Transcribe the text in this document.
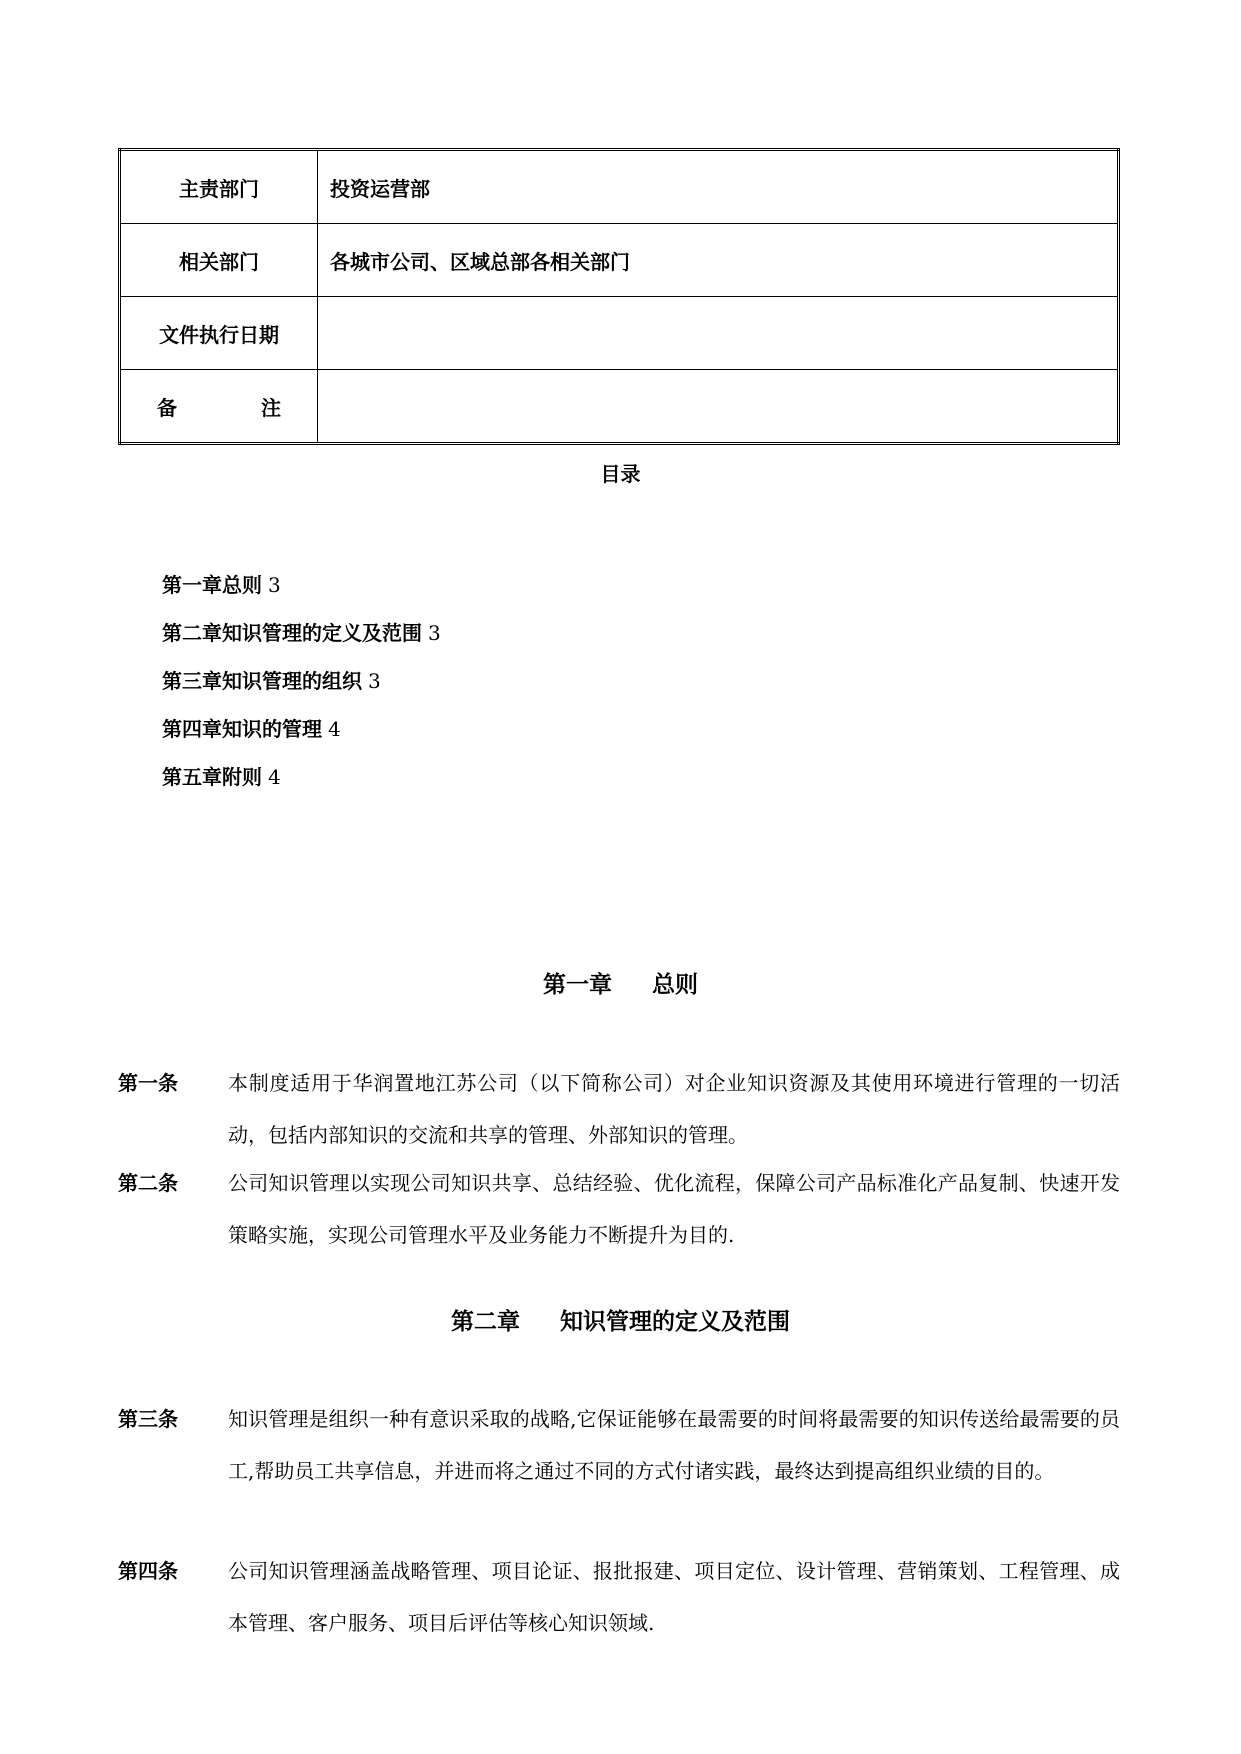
主责部门	投资运营部
相关部门	各城市公司、区域总部各相关部门
文件执行日期	

备 注	

目录
第一章总则 3
第二章知识管理的定义及范围 3
第三章知识管理的组织 3
第四章知识的管理 4
第五章附则 4
第一章 总则
第一条	本制度适用于华润置地江苏公司（以下简称公司）对企业知识资源及其使用环境进行管理的一切活动，包括内部知识的交流和共享的管理、外部知识的管理。
第二条	公司知识管理以实现公司知识共享、总结经验、优化流程，保障公司产品标准化产品复制、快速开发策略实施，实现公司管理水平及业务能力不断提升为目的.
第二章 知识管理的定义及范围
第三条	知识管理是组织一种有意识采取的战略,它保证能够在最需要的时间将最需要的知识传送给最需要的员工,帮助员工共享信息，并进而将之通过不同的方式付诸实践，最终达到提高组织业绩的目的。
第四条	公司知识管理涵盖战略管理、项目论证、报批报建、项目定位、设计管理、营销策划、工程管理、成本管理、客户服务、项目后评估等核心知识领域.
